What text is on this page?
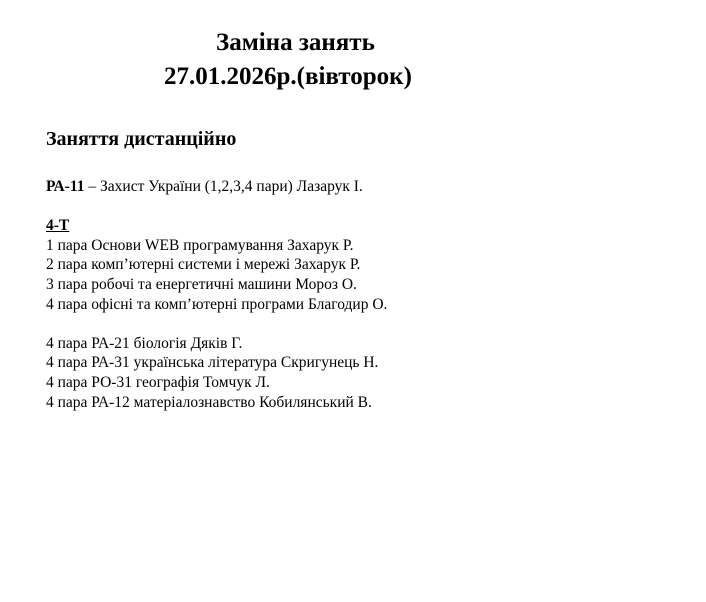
Заміна занять
27.01.2026р.(вівторок)
Заняття дистанційно
РА-11 – Захист України (1,2,3,4 пари) Лазарук І.
4-Т
1 пара Основи WEB програмування Захарук Р.
2 пара комп’ютерні системи і мережі Захарук Р.
3 пара робочі та енергетичні машини Мороз О.
4 пара офісні та комп’ютерні програми Благодир О.
4 пара РА-21 біологія Дяків Г.
4 пара РА-31 українська література Скригунець Н.
4 пара РО-31 географія Томчук Л.
4 пара РА-12 матеріалознавство Кобилянський В.
